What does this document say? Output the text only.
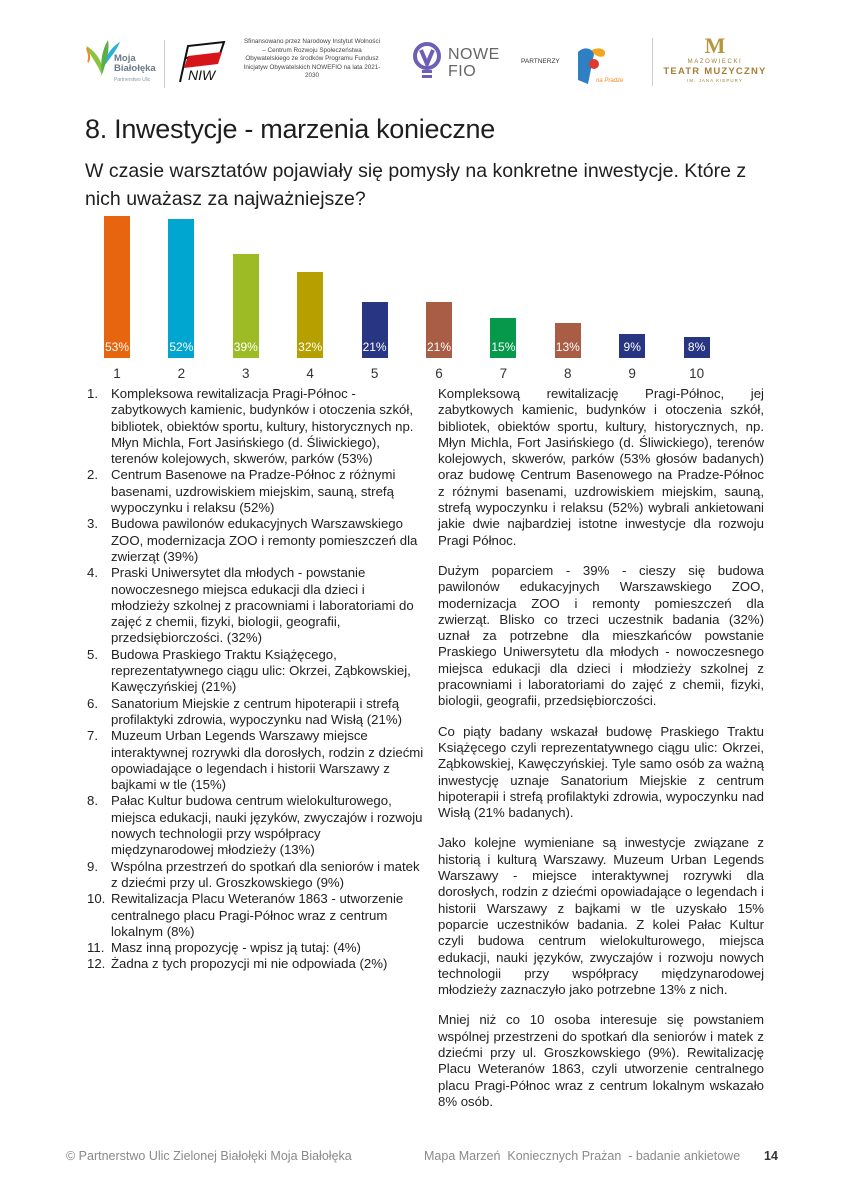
Moja
Białołęka
Partnerstwo Ulic	NIW
Sfinansowano przez Narodowy Instytut Wolności – Centrum Rozwoju Społeczeństwa Obywatelskiego ze środków Programu Fundusz Inicjatyw Obywatelskich NOWEFIO na lata 2021-2030
NOWE
FIO
PARTNERZY
na Pradze
M
MAZOWIECKI
TEATR MUZYCZNY
IM. JANA KIEPURY
8. Inwestycje - marzenia konieczne
W czasie warsztatów pojawiały się pomysły na konkretne inwestycje. Które z nich uważasz za najważniejsze?
53%
1
52%
2
39%
3
32%
4
21%
5
21%
6
15%
7
13%
8
9%
9
8%
10
1. Kompleksowa rewitalizacja Pragi-Północ - zabytkowych kamienic, budynków i otoczenia szkół, bibliotek, obiektów sportu, kultury, historycznych np. Młyn Michla, Fort Jasińskiego (d. Śliwickiego), terenów kolejowych, skwerów, parków (53%)
2. Centrum Basenowe na Pradze-Północ z różnymi basenami, uzdrowiskiem miejskim, sauną, strefą wypoczynku i relaksu (52%)
3. Budowa pawilonów edukacyjnych Warszawskiego ZOO, modernizacja ZOO i remonty pomieszczeń dla zwierząt (39%)
4. Praski Uniwersytet dla młodych - powstanie nowoczesnego miejsca edukacji dla dzieci i młodzieży szkolnej z pracowniami i laboratoriami do zajęć z chemii, fizyki, biologii, geografii, przedsiębiorczości. (32%)
5. Budowa Praskiego Traktu Książęcego, reprezentatywnego ciągu ulic: Okrzei, Ząbkowskiej, Kawęczyńskiej (21%)
6. Sanatorium Miejskie z centrum hipoterapii i strefą profilaktyki zdrowia, wypoczynku nad Wisłą (21%)
7. Muzeum Urban Legends Warszawy miejsce interaktywnej rozrywki dla dorosłych, rodzin z dziećmi opowiadające o legendach i historii Warszawy z bajkami w tle (15%)
8. Pałac Kultur budowa centrum wielokulturowego, miejsca edukacji, nauki języków, zwyczajów i rozwoju nowych technologii przy współpracy międzynarodowej młodzieży (13%)
9. Wspólna przestrzeń do spotkań dla seniorów i matek z dziećmi przy ul. Groszkowskiego (9%)
10. Rewitalizacja Placu Weteranów 1863 - utworzenie centralnego placu Pragi-Północ wraz z centrum lokalnym (8%)
11. Masz inną propozycję - wpisz ją tutaj: (4%)
12. Żadna z tych propozycji mi nie odpowiada (2%)

Kompleksową rewitalizację Pragi-Północ, jej zabytkowych kamienic, budynków i otoczenia szkół, bibliotek, obiektów sportu, kultury, historycznych, np. Młyn Michla, Fort Jasińskiego (d. Śliwickiego), terenów kolejowych, skwerów, parków (53% głosów badanych) oraz budowę Centrum Basenowego na Pradze-Północ z różnymi basenami, uzdrowiskiem miejskim, sauną, strefą wypoczynku i relaksu (52%) wybrali ankietowani jakie dwie najbardziej istotne inwestycje dla rozwoju Pragi Północ.

Dużym poparciem - 39% - cieszy się budowa pawilonów edukacyjnych Warszawskiego ZOO, modernizacja ZOO i remonty pomieszczeń dla zwierząt. Blisko co trzeci uczestnik badania (32%) uznał za potrzebne dla mieszkańców powstanie Praskiego Uniwersytetu dla młodych - nowoczesnego miejsca edukacji dla dzieci i młodzieży szkolnej z pracowniami i laboratoriami do zajęć z chemii, fizyki, biologii, geografii, przedsiębiorczości.

Co piąty badany wskazał budowę Praskiego Traktu Książęcego czyli reprezentatywnego ciągu ulic: Okrzei, Ząbkowskiej, Kawęczyńskiej. Tyle samo osób za ważną inwestycję uznaje Sanatorium Miejskie z centrum hipoterapii i strefą profilaktyki zdrowia, wypoczynku nad Wisłą (21% badanych).

Jako kolejne wymieniane są inwestycje związane z historią i kulturą Warszawy. Muzeum Urban Legends Warszawy - miejsce interaktywnej rozrywki dla dorosłych, rodzin z dziećmi opowiadające o legendach i historii Warszawy z bajkami w tle uzyskało 15% poparcie uczestników badania. Z kolei Pałac Kultur czyli budowa centrum wielokulturowego, miejsca edukacji, nauki języków, zwyczajów i rozwoju nowych technologii przy współpracy międzynarodowej młodzieży zaznaczyło jako potrzebne 13% z nich.

Mniej niż co 10 osoba interesuje się powstaniem wspólnej przestrzeni do spotkań dla seniorów i matek z dziećmi przy ul. Groszkowskiego (9%). Rewitalizację Placu Weteranów 1863, czyli utworzenie centralnego placu Pragi-Północ wraz z centrum lokalnym wskazało 8% osób.

© Partnerstwo Ulic Zielonej Białołęki Moja Białołęka	Mapa Marzeń  Koniecznych Prażan  - badanie ankietowe 14
